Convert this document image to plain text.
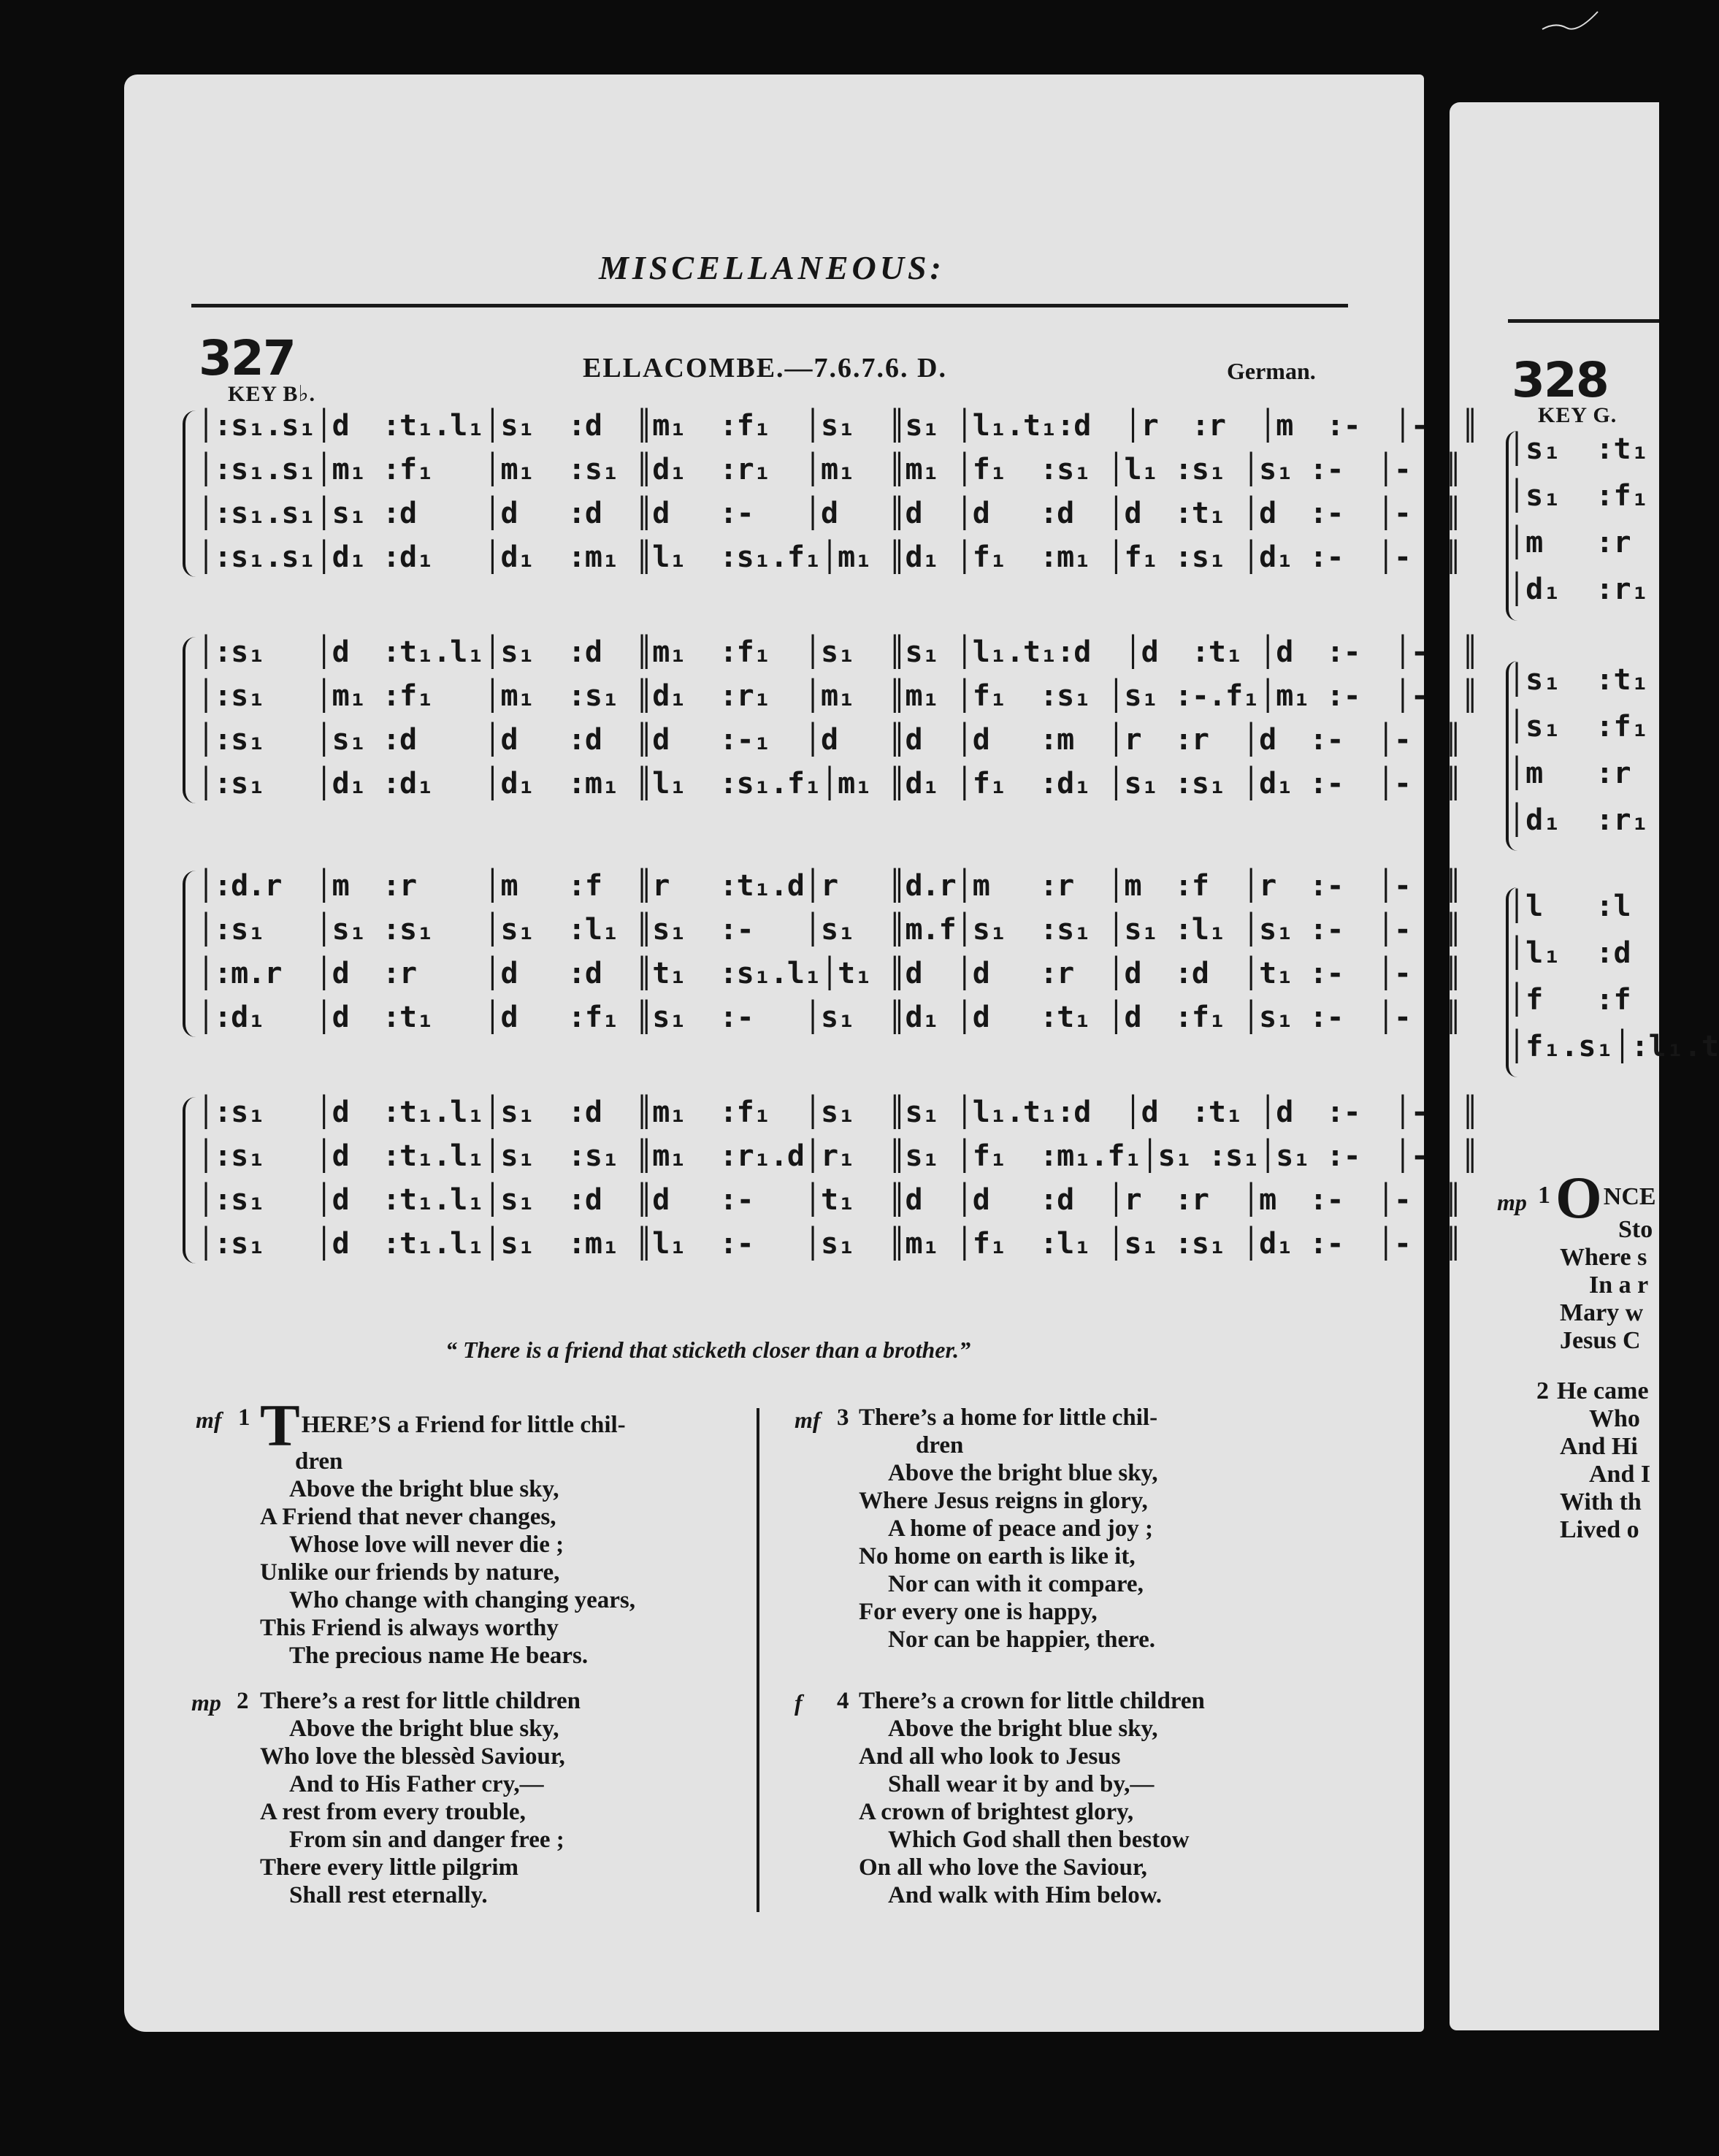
MISCELLANEOUS:
327
KEY B♭.
ELLACOMBE.—7.6.7.6. D.	German.
│:s₁.s₁│d  :t₁.l₁│s₁  :d  ║m₁  :f₁  │s₁  ║s₁ │l₁.t₁:d  │r  :r  │m  :-  │-  ║
│:s₁.s₁│m₁ :f₁   │m₁  :s₁ ║d₁  :r₁  │m₁  ║m₁ │f₁  :s₁ │l₁ :s₁ │s₁ :-  │-  ║
│:s₁.s₁│s₁ :d    │d   :d  ║d   :-   │d   ║d  │d   :d  │d  :t₁ │d  :-  │-  ║
│:s₁.s₁│d₁ :d₁   │d₁  :m₁ ║l₁  :s₁.f₁│m₁ ║d₁ │f₁  :m₁ │f₁ :s₁ │d₁ :-  │-  ║
│:s₁   │d  :t₁.l₁│s₁  :d  ║m₁  :f₁  │s₁  ║s₁ │l₁.t₁:d  │d  :t₁ │d  :-  │-  ║
│:s₁   │m₁ :f₁   │m₁  :s₁ ║d₁  :r₁  │m₁  ║m₁ │f₁  :s₁ │s₁ :-.f₁│m₁ :-  │-  ║
│:s₁   │s₁ :d    │d   :d  ║d   :-₁  │d   ║d  │d   :m  │r  :r  │d  :-  │-  ║
│:s₁   │d₁ :d₁   │d₁  :m₁ ║l₁  :s₁.f₁│m₁ ║d₁ │f₁  :d₁ │s₁ :s₁ │d₁ :-  │-  ║
│:d.r  │m  :r    │m   :f  ║r   :t₁.d│r   ║d.r│m   :r  │m  :f  │r  :-  │-  ║
│:s₁   │s₁ :s₁   │s₁  :l₁ ║s₁  :-   │s₁  ║m.f│s₁  :s₁ │s₁ :l₁ │s₁ :-  │-  ║
│:m.r  │d  :r    │d   :d  ║t₁  :s₁.l₁│t₁ ║d  │d   :r  │d  :d  │t₁ :-  │-  ║
│:d₁   │d  :t₁   │d   :f₁ ║s₁  :-   │s₁  ║d₁ │d   :t₁ │d  :f₁ │s₁ :-  │-  ║
│:s₁   │d  :t₁.l₁│s₁  :d  ║m₁  :f₁  │s₁  ║s₁ │l₁.t₁:d  │d  :t₁ │d  :-  │-  ║
│:s₁   │d  :t₁.l₁│s₁  :s₁ ║m₁  :r₁.d│r₁  ║s₁ │f₁  :m₁.f₁│s₁ :s₁│s₁ :-  │-  ║
│:s₁   │d  :t₁.l₁│s₁  :d  ║d   :-   │t₁  ║d  │d   :d  │r  :r  │m  :-  │-  ║
│:s₁   │d  :t₁.l₁│s₁  :m₁ ║l₁  :-   │s₁  ║m₁ │f₁  :l₁ │s₁ :s₁ │d₁ :-  │-  ║
“ There is a friend that sticketh closer than a brother.”
mf 1 THERE’S a Friend for little chil-
dren
Above the bright blue sky,
A Friend that never changes,
Whose love will never die ;
Unlike our friends by nature,
Who change with changing years,
This Friend is always worthy
The precious name He bears.
mp 2 There’s a rest for little children
Above the bright blue sky,
Who love the blessèd Saviour,
And to His Father cry,—
A rest from every trouble,
From sin and danger free ;
There every little pilgrim
Shall rest eternally.
mf 3 There’s a home for little chil-
dren
Above the bright blue sky,
Where Jesus reigns in glory,
A home of peace and joy ;
No home on earth is like it,
Nor can with it compare,
For every one is happy,
Nor can be happier, there.
f 4 There’s a crown for little children
Above the bright blue sky,
And all who look to Jesus
Shall wear it by and by,—
A crown of brightest glory,
Which God shall then bestow
On all who love the Saviour,
And walk with Him below.
328
KEY G.
│s₁  :t₁
│s₁  :f₁
│m   :r
│d₁  :r₁
│s₁  :t₁
│s₁  :f₁
│m   :r
│d₁  :r₁
│l   :l
│l₁  :d
│f   :f
│f₁.s₁│:l₁.t
mp 1 ONCE
Sto
Where s
In a r
Mary w
Jesus C
2 He came
Who
And Hi
And I
With th
Lived o
